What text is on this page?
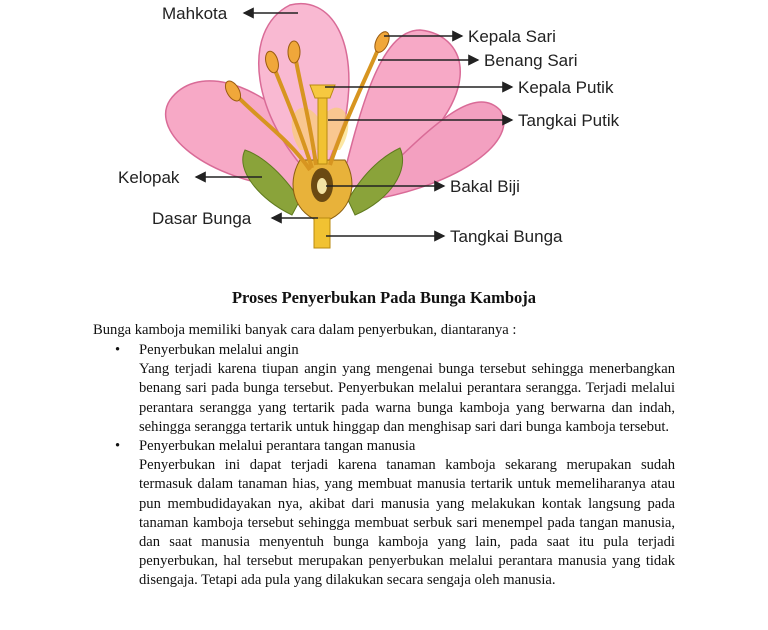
Mahkota
Kepala Sari
Benang Sari
Kepala Putik
Tangkai Putik
Kelopak	Bakal Biji
Dasar Bunga
Tangkai Bunga
Proses Penyerbukan Pada Bunga Kamboja
Bunga kamboja memiliki banyak cara dalam penyerbukan, diantaranya :
• Penyerbukan melalui angin
Yang terjadi karena tiupan angin yang mengenai bunga tersebut sehingga menerbangkan benang sari pada bunga tersebut. Penyerbukan melalui perantara serangga. Terjadi melalui perantara serangga yang tertarik pada warna bunga kamboja yang berwarna dan indah, sehingga serangga tertarik untuk hinggap dan menghisap sari dari bunga kamboja tersebut.
• Penyerbukan melalui perantara tangan manusia
Penyerbukan ini dapat terjadi karena tanaman kamboja sekarang merupakan sudah termasuk dalam tanaman hias, yang membuat manusia tertarik untuk memeliharanya atau pun membudidayakan nya, akibat dari manusia yang melakukan kontak langsung pada tanaman kamboja tersebut sehingga membuat serbuk sari menempel pada tangan manusia, dan saat manusia menyentuh bunga kamboja yang lain, pada saat itu pula terjadi penyerbukan, hal tersebut merupakan penyerbukan melalui perantara manusia yang tidak disengaja. Tetapi ada pula yang dilakukan secara sengaja oleh manusia.
